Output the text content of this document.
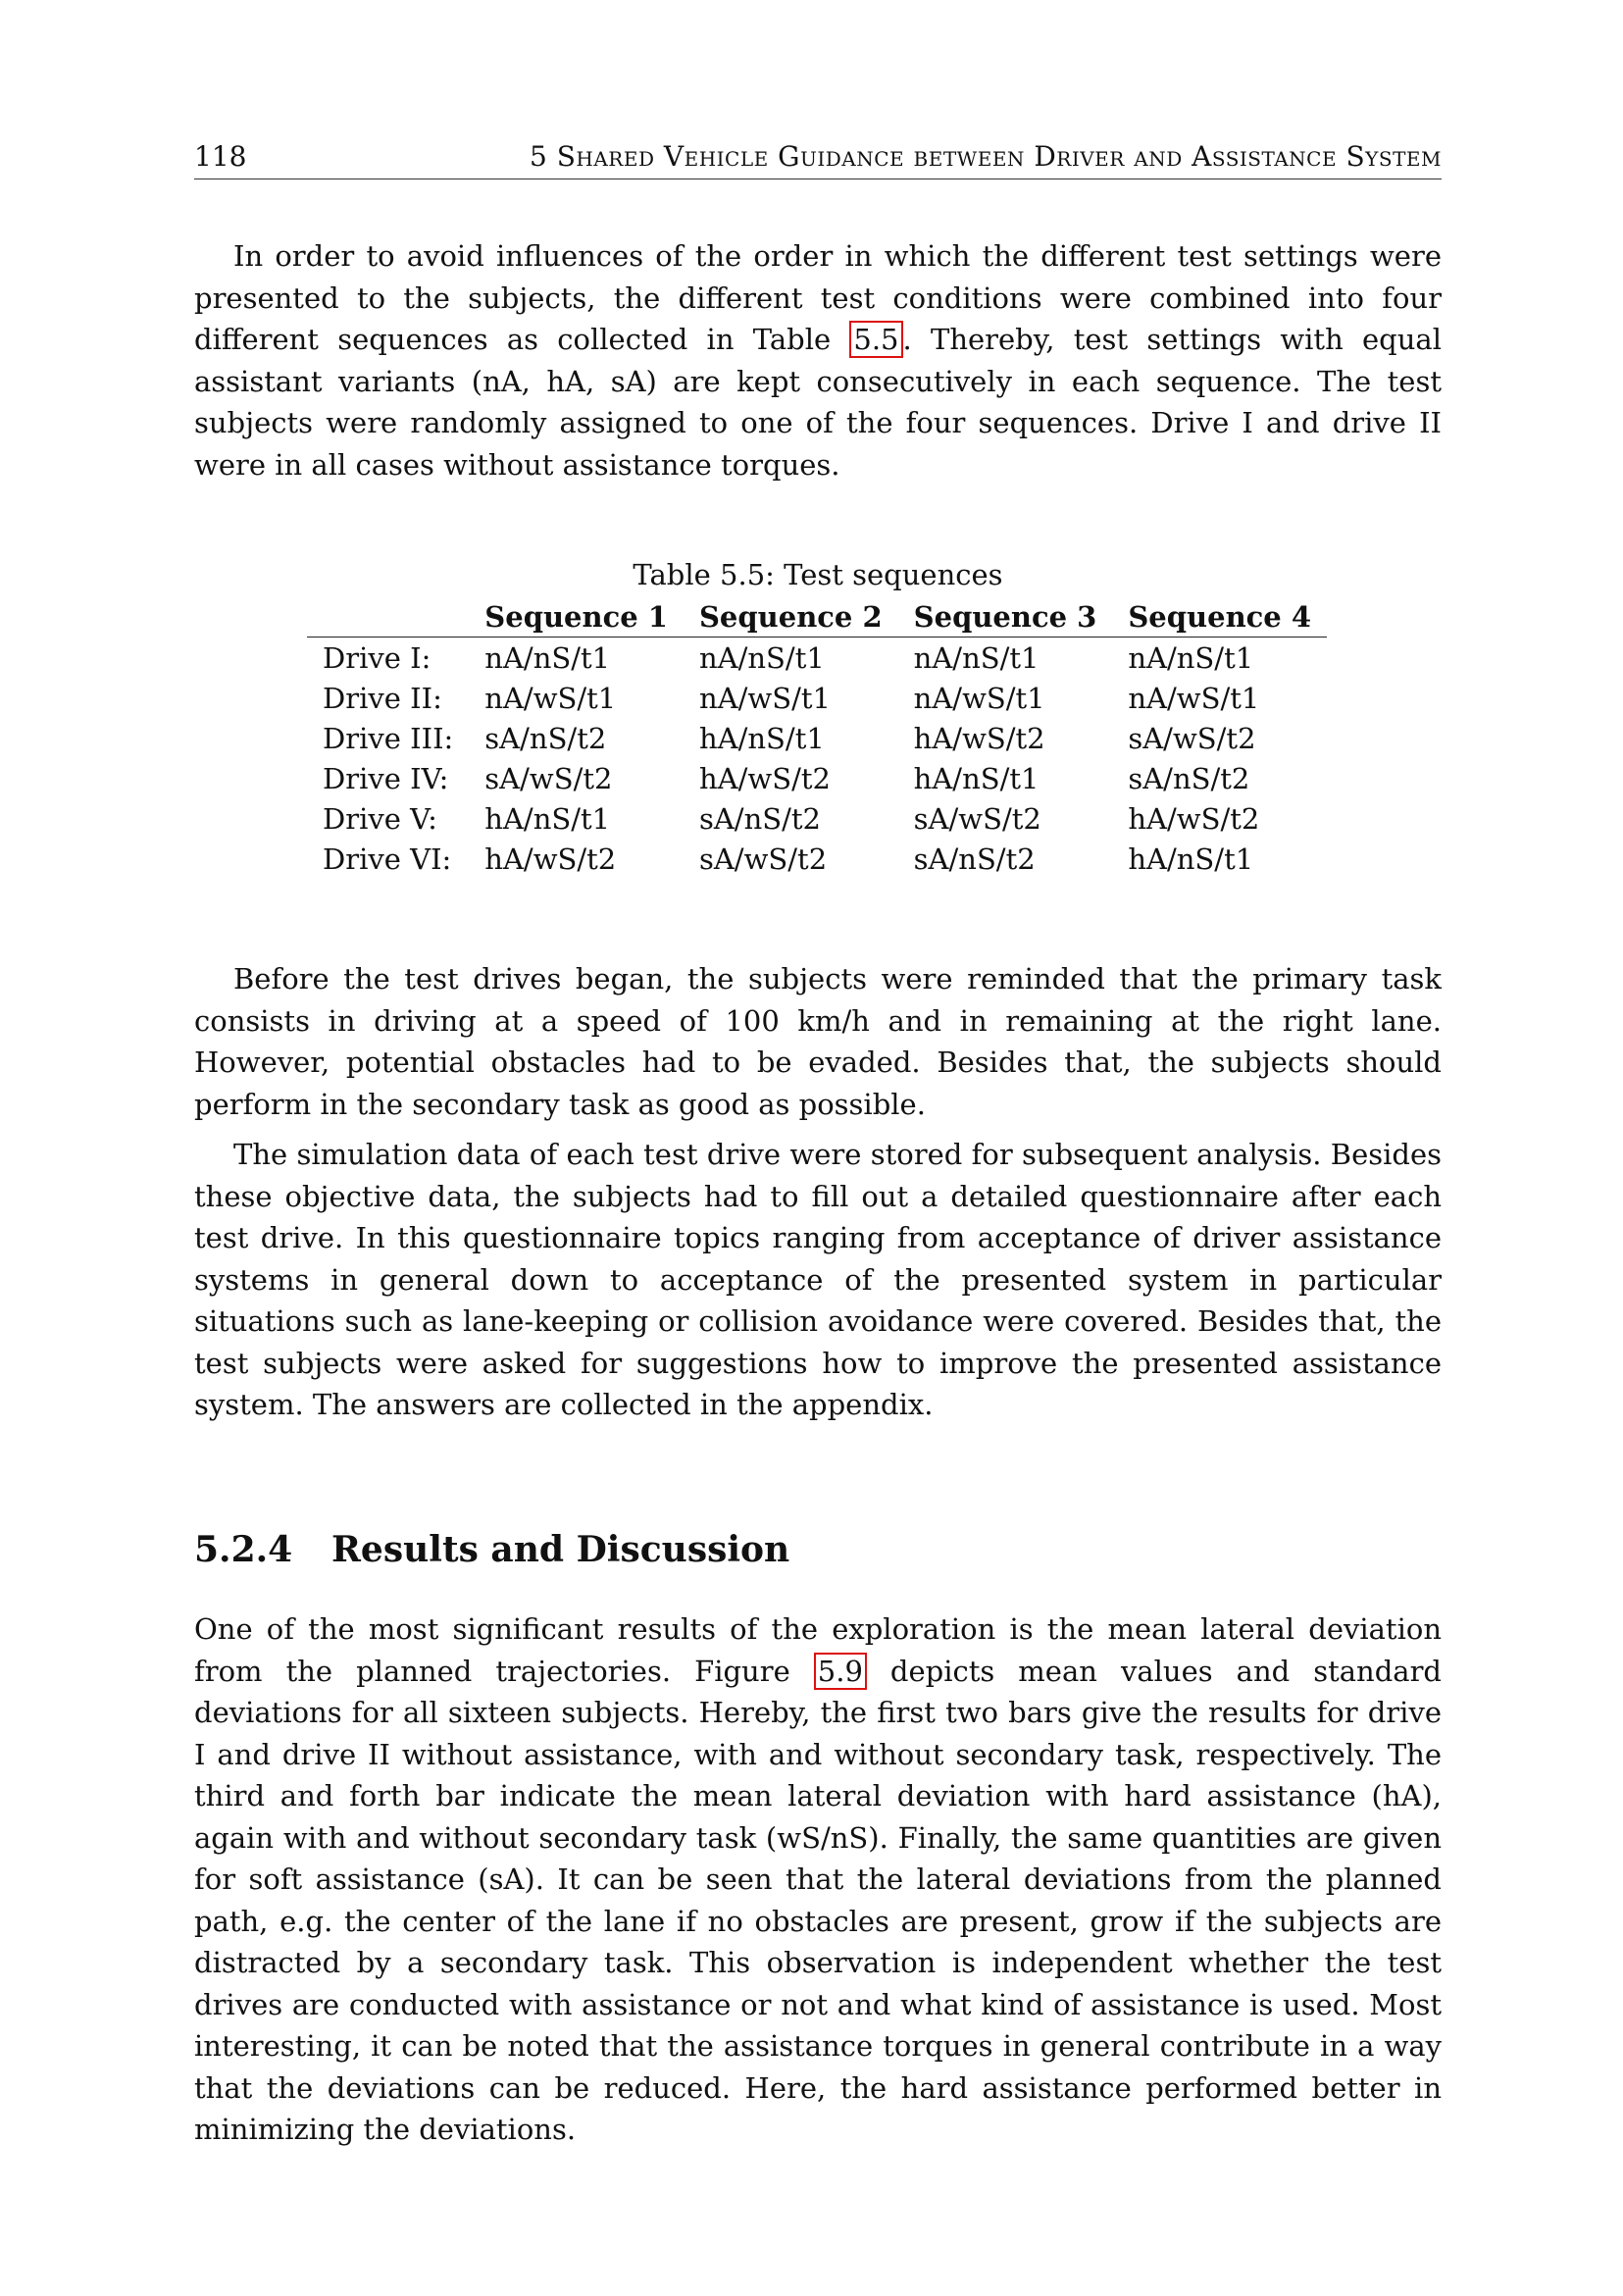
118	5 Shared Vehicle Guidance between Driver and Assistance System

In order to avoid influences of the order in which the different test settings were presented to the subjects, the different test conditions were combined into four different sequences as collected in Table 5.5 . Thereby, test settings with equal assistant variants (nA, hA, sA) are kept consecutively in each sequence. The test subjects were randomly assigned to one of the four sequences. Drive I and drive II were in all cases without assistance torques.

Table 5.5: Test sequences
	Sequence 1	Sequence 2	Sequence 3	Sequence 4
Drive I:	nA/nS/t1	nA/nS/t1	nA/nS/t1	nA/nS/t1
Drive II:	nA/wS/t1	nA/wS/t1	nA/wS/t1	nA/wS/t1
Drive III:	sA/nS/t2	hA/nS/t1	hA/wS/t2	sA/wS/t2
Drive IV:	sA/wS/t2	hA/wS/t2	hA/nS/t1	sA/nS/t2
Drive V:	hA/nS/t1	sA/nS/t2	sA/wS/t2	hA/wS/t2
Drive VI:	hA/wS/t2	sA/wS/t2	sA/nS/t2	hA/nS/t1

Before the test drives began, the subjects were reminded that the primary task consists in driving at a speed of 100 km/h and in remaining at the right lane. However, potential obstacles had to be evaded. Besides that, the subjects should perform in the secondary task as good as possible.

The simulation data of each test drive were stored for subsequent analysis. Besides these objective data, the subjects had to fill out a detailed questionnaire after each test drive. In this questionnaire topics ranging from acceptance of driver assistance systems in general down to acceptance of the presented system in particular situations such as lane-keeping or collision avoidance were covered. Besides that, the test subjects were asked for suggestions how to improve the presented assistance system. The answers are collected in the appendix.

5.2.4 Results and Discussion

One of the most significant results of the exploration is the mean lateral deviation from the planned trajectories. Figure 5.9 depicts mean values and standard deviations for all sixteen subjects. Hereby, the first two bars give the results for drive I and drive II without assistance, with and without secondary task, respectively. The third and forth bar indicate the mean lateral deviation with hard assistance (hA), again with and without secondary task (wS/nS). Finally, the same quantities are given for soft assistance (sA). It can be seen that the lateral deviations from the planned path, e.g. the center of the lane if no obstacles are present, grow if the subjects are distracted by a secondary task. This observation is independent whether the test drives are conducted with assistance or not and what kind of assistance is used. Most interesting, it can be noted that the assistance torques in general contribute in a way that the deviations can be reduced. Here, the hard assistance performed better in minimizing the deviations.
